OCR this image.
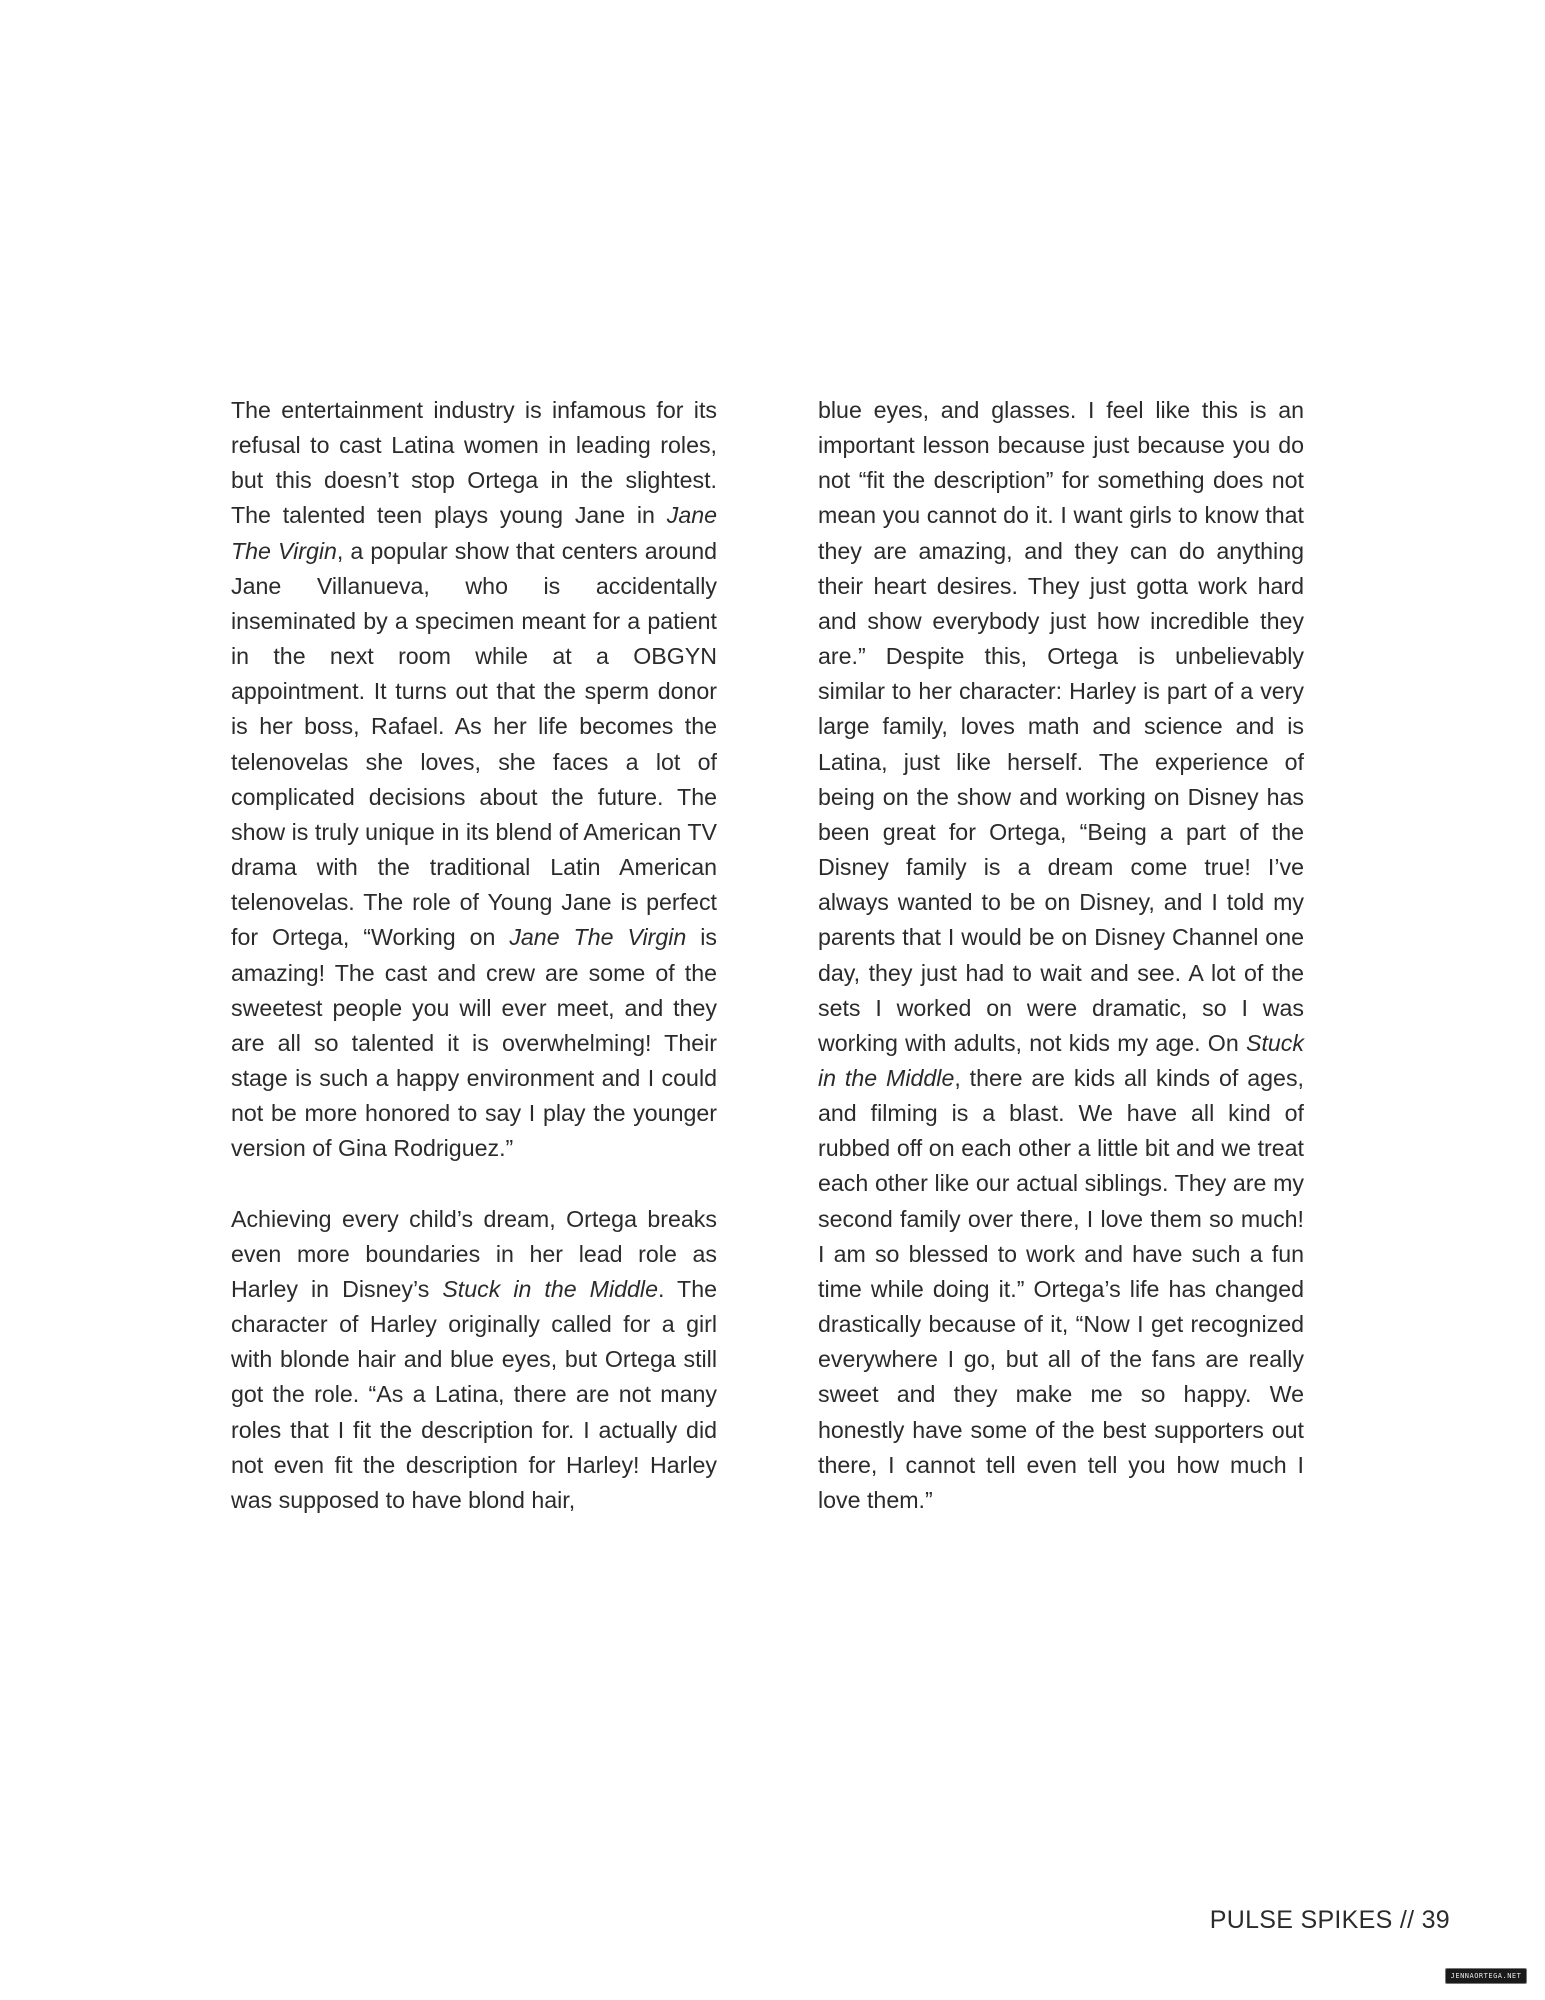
The entertainment industry is infamous for its refusal to cast Latina women in leading roles, but this doesn’t stop Ortega in the slightest. The talented teen plays young Jane in Jane The Virgin, a popular show that centers around Jane Villanueva, who is accidentally inseminated by a specimen meant for a patient in the next room while at a OBGYN appointment. It turns out that the sperm donor is her boss, Rafael. As her life becomes the telenovelas she loves, she faces a lot of complicated decisions about the future. The show is truly unique in its blend of American TV drama with the traditional Latin American telenovelas. The role of Young Jane is perfect for Ortega, “Working on Jane The Virgin is amazing! The cast and crew are some of the sweetest people you will ever meet, and they are all so talented it is overwhelming! Their stage is such a happy environment and I could not be more honored to say I play the younger version of Gina Rodriguez.”

Achieving every child’s dream, Ortega breaks even more boundaries in her lead role as Harley in Disney’s Stuck in the Middle. The character of Harley originally called for a girl with blonde hair and blue eyes, but Ortega still got the role. “As a Latina, there are not many roles that I fit the description for. I actually did not even fit the description for Harley! Harley was supposed to have blond hair,

blue eyes, and glasses. I feel like this is an important lesson because just because you do not “fit the description” for something does not mean you cannot do it. I want girls to know that they are amazing, and they can do anything their heart desires. They just gotta work hard and show everybody just how incredible they are.” Despite this, Ortega is unbelievably similar to her character: Harley is part of a very large family, loves math and science and is Latina, just like herself. The experience of being on the show and working on Disney has been great for Ortega, “Being a part of the Disney family is a dream come true! I’ve always wanted to be on Disney, and I told my parents that I would be on Disney Channel one day, they just had to wait and see. A lot of the sets I worked on were dramatic, so I was working with adults, not kids my age. On Stuck in the Middle, there are kids all kinds of ages, and filming is a blast. We have all kind of rubbed off on each other a little bit and we treat each other like our actual siblings. They are my second family over there, I love them so much! I am so blessed to work and have such a fun time while doing it.” Ortega’s life has changed drastically because of it, “Now I get recognized everywhere I go, but all of the fans are really sweet and they make me so happy. We honestly have some of the best supporters out there, I cannot tell even tell you how much I love them.”

PULSE SPIKES // 39
JENNAORTEGA.NET
